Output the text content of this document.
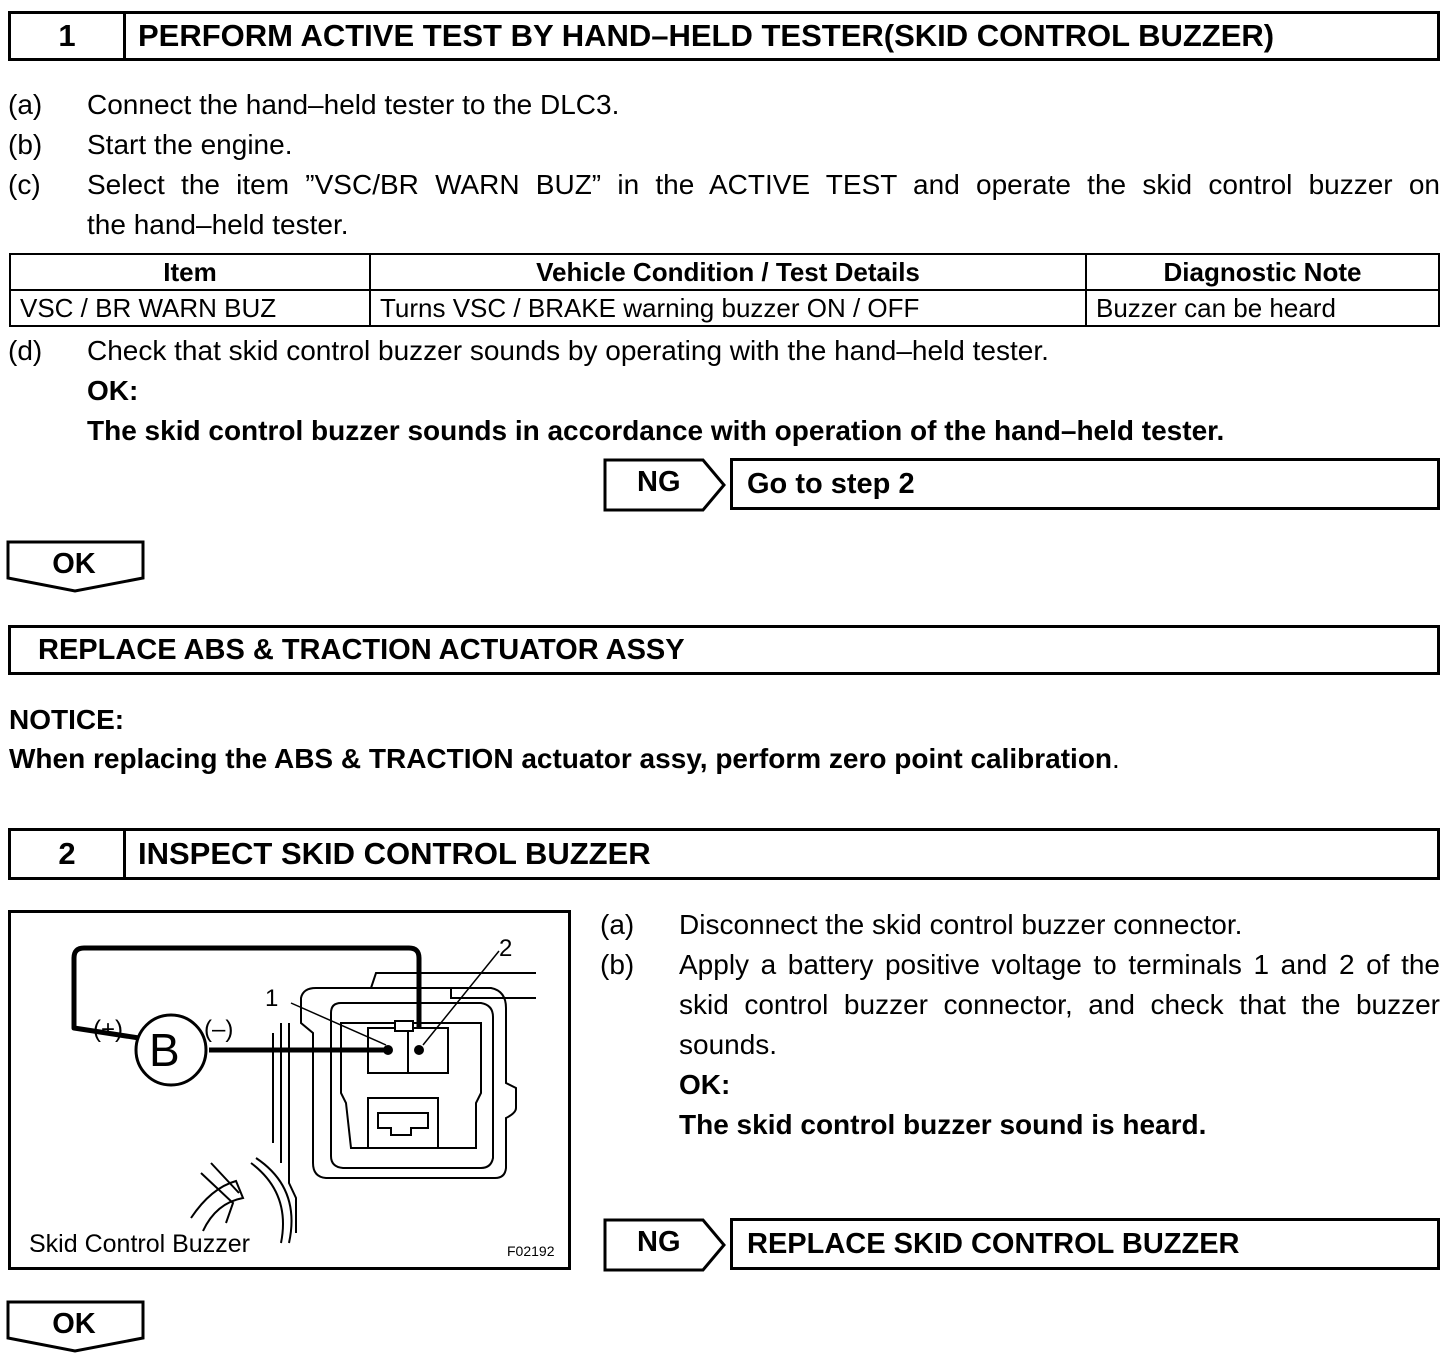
1	PERFORM ACTIVE TEST BY HAND–HELD TESTER(SKID CONTROL BUZZER)
(a) Connect the hand–held tester to the DLC3.
(b) Start the engine.
(c) Select the item ”VSC/BR WARN BUZ” in the ACTIVE TEST and operate the skid control buzzer on
the hand–held tester.
Item	Vehicle Condition / Test Details	Diagnostic Note
VSC / BR WARN BUZ	Turns VSC / BRAKE warning buzzer ON / OFF	Buzzer can be heard
(d) Check that skid control buzzer sounds by operating with the hand–held tester.
OK:
The skid control buzzer sounds in accordance with operation of the hand–held tester.
NG Go to step 2
OK
REPLACE ABS & TRACTION ACTUATOR ASSY
NOTICE:
When replacing the ABS & TRACTION actuator assy, perform zero point calibration.
2	INSPECT SKID CONTROL BUZZER
B
(+)	(–)
1
2
Skid Control Buzzer	F02192
(a) Disconnect the skid control buzzer connector.
(b) Apply a battery positive voltage to terminals 1 and 2 of the
skid control buzzer connector, and check that the buzzer
sounds.
OK:
The skid control buzzer sound is heard.
NG REPLACE SKID CONTROL BUZZER
OK
